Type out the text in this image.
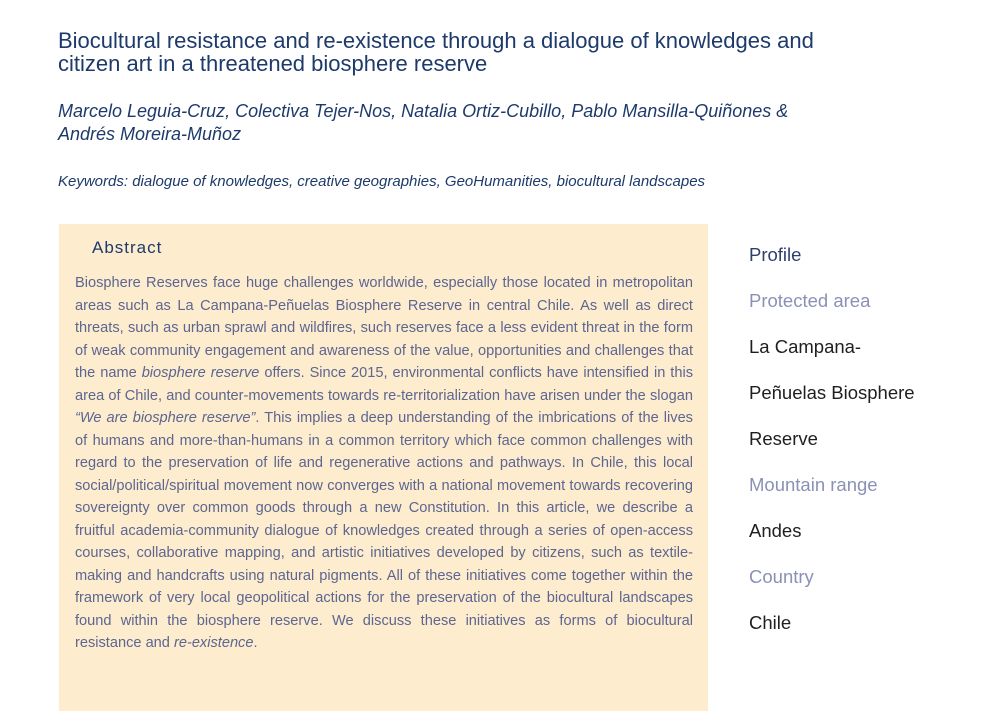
Biocultural resistance and re-existence through a dialogue of knowledges and
citizen art in a threatened biosphere reserve
Marcelo Leguia-Cruz, Colectiva Tejer-Nos, Natalia Ortiz-Cubillo, Pablo Mansilla-Quiñones &
Andrés Moreira-Muñoz
Keywords: dialogue of knowledges, creative geographies, GeoHumanities, biocultural landscapes
Abstract

Biosphere Reserves face huge challenges worldwide, especially those located in metropolitan areas such as La Campana-Peñuelas Biosphere Reserve in central Chile. As well as direct threats, such as urban sprawl and wildfires, such reserves face a less evident threat in the form of weak community engagement and awareness of the value, opportunities and challenges that the name biosphere reserve offers. Since 2015, environmental conflicts have intensified in this area of Chile, and counter-movements towards re-territorialization have arisen under the slogan “We are biosphere reserve”. This implies a deep understanding of the imbrications of the lives of humans and more-than-humans in a common territory which face common challenges with regard to the preservation of life and regenerative actions and pathways. In Chile, this local social/political/spiritual movement now converges with a national movement towards recovering sovereignty over common goods through a new Constitution. In this article, we describe a fruitful academia-community dialogue of knowledges created through a series of open-access courses, collaborative mapping, and artistic initiatives developed by citizens, such as textile-making and handcrafts using natural pigments. All of these initiatives come together within the framework of very local geopolitical actions for the preservation of the biocultural landscapes found within the biosphere reserve. We discuss these initiatives as forms of biocultural resistance and re-existence.

Profile
Protected area
La Campana-
Peñuelas Biosphere
Reserve
Mountain range
Andes
Country
Chile
